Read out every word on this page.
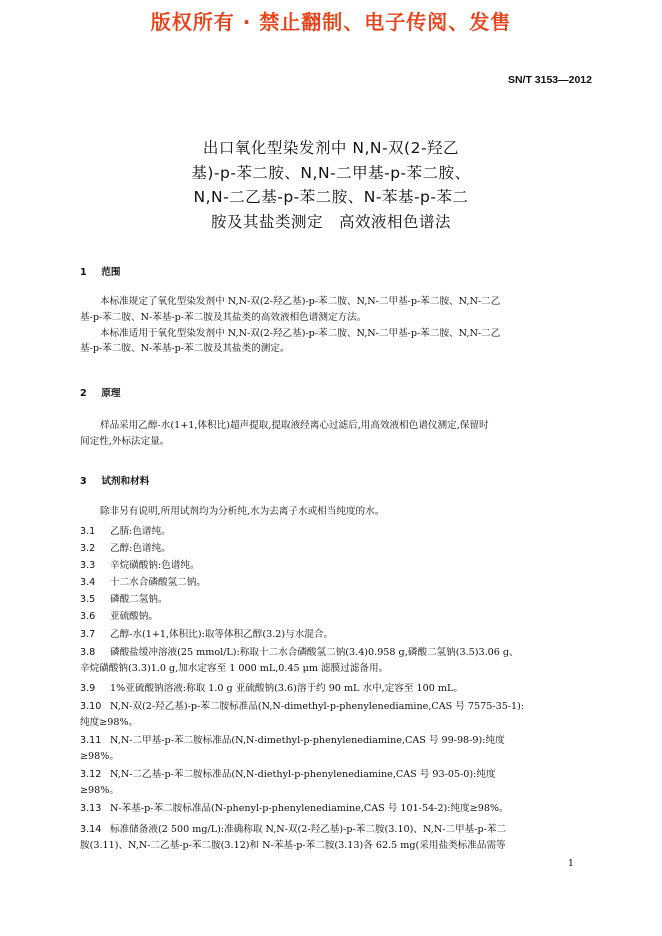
版权所有 · 禁止翻制、电子传阅、发售
SN/T 3153—2012
出口氧化型染发剂中 N,N-双(2-羟乙
基)-p-苯二胺、N,N-二甲基-p-苯二胺、
N,N-二乙基-p-苯二胺、N-苯基-p-苯二
胺及其盐类测定　高效液相色谱法
1 范围
本标准规定了氧化型染发剂中 N,N-双(2-羟乙基)-p-苯二胺、N,N-二甲基-p-苯二胺、N,N-二乙
基-p-苯二胺、N-苯基-p-苯二胺及其盐类的高效液相色谱测定方法。
本标准适用于氧化型染发剂中 N,N-双(2-羟乙基)-p-苯二胺、N,N-二甲基-p-苯二胺、N,N-二乙
基-p-苯二胺、N-苯基-p-苯二胺及其盐类的测定。
2 原理
样品采用乙醇-水(1+1,体积比)超声提取,提取液经离心过滤后,用高效液相色谱仪测定,保留时
间定性,外标法定量。
3 试剂和材料
除非另有说明,所用试剂均为分析纯,水为去离子水或相当纯度的水。
3.1 乙腈:色谱纯。
3.2 乙醇:色谱纯。
3.3 辛烷磺酸钠:色谱纯。
3.4 十二水合磷酸氢二钠。
3.5 磷酸二氢钠。
3.6 亚硫酸钠。
3.7 乙醇-水(1+1,体积比):取等体积乙醇(3.2)与水混合。
3.8 磷酸盐缓冲溶液(25 mmol/L):称取十二水合磷酸氢二钠(3.4)0.958 g,磷酸二氢钠(3.5)3.06 g、
辛烷磺酸钠(3.3)1.0 g,加水定容至 1 000 mL,0.45 μm 滤膜过滤备用。
3.9 1%亚硫酸钠溶液:称取 1.0 g 亚硫酸钠(3.6)溶于约 90 mL 水中,定容至 100 mL。
3.10 N,N-双(2-羟乙基)-p-苯二胺标准品(N,N-dimethyl-p-phenylenediamine,CAS 号 7575-35-1):
纯度≥98%。
3.11 N,N-二甲基-p-苯二胺标准品(N,N-dimethyl-p-phenylenediamine,CAS 号 99-98-9):纯度
≥98%。
3.12 N,N-二乙基-p-苯二胺标准品(N,N-diethyl-p-phenylenediamine,CAS 号 93-05-0):纯度
≥98%。
3.13 N-苯基-p-苯二胺标准品(N-phenyl-p-phenylenediamine,CAS 号 101-54-2):纯度≥98%。
3.14 标准储备液(2 500 mg/L):准确称取 N,N-双(2-羟乙基)-p-苯二胺(3.10)、N,N-二甲基-p-苯二
胺(3.11)、N,N-二乙基-p-苯二胺(3.12)和 N-苯基-p-苯二胺(3.13)各 62.5 mg(采用盐类标准品需等
1
